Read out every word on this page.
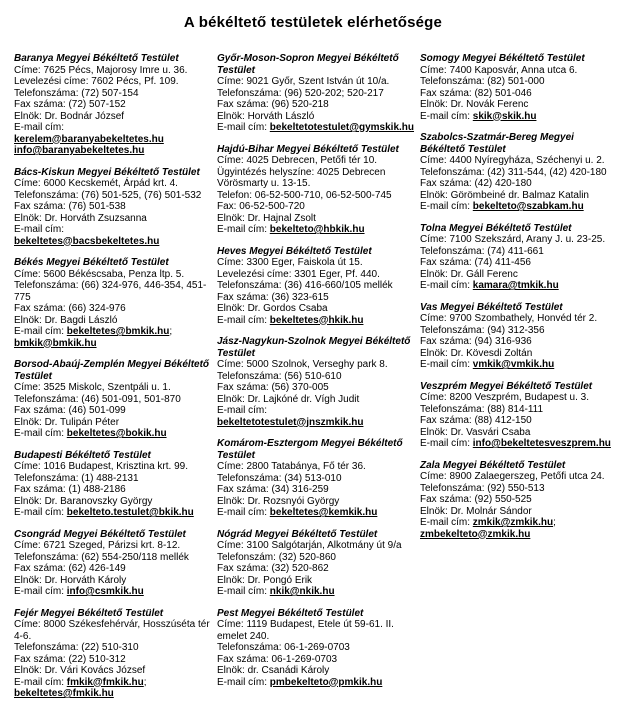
A békéltető testületek elérhetősége
Baranya Megyei Békéltető Testület
Címe: 7625 Pécs, Majorosy Imre u. 36.
Levelezési címe: 7602 Pécs, Pf. 109.
Telefonszáma: (72) 507-154
Fax száma: (72) 507-152
Elnök: Dr. Bodnár József
E-mail cím: kerelem@baranyabekeltetes.hu info@baranyabekeltetes.hu
Bács-Kiskun Megyei Békéltető Testület
Címe: 6000 Kecskemét, Árpád krt. 4.
Telefonszáma: (76) 501-525, (76) 501-532
Fax száma: (76) 501-538
Elnök: Dr. Horváth Zsuzsanna
E-mail cím: bekeltetes@bacsbekeltetes.hu
Békés Megyei Békéltető Testület
Címe: 5600 Békéscsaba, Penza ltp. 5.
Telefonszáma: (66) 324-976, 446-354, 451-775
Fax száma: (66) 324-976
Elnök: Dr. Bagdi László
E-mail cím: bekeltetes@bmkik.hu; bmkik@bmkik.hu
Borsod-Abaúj-Zemplén Megyei Békéltető Testület
Címe: 3525 Miskolc, Szentpáli u. 1.
Telefonszáma: (46) 501-091, 501-870
Fax száma: (46) 501-099
Elnök: Dr. Tulipán Péter
E-mail cím: bekeltetes@bokik.hu
Budapesti Békéltető Testület
Címe: 1016 Budapest, Krisztina krt. 99.
Telefonszáma: (1) 488-2131
Fax száma: (1) 488-2186
Elnök: Dr. Baranovszky György
E-mail cím: bekelteto.testulet@bkik.hu
Csongrád Megyei Békéltető Testület
Címe: 6721 Szeged, Párizsi krt. 8-12.
Telefonszáma: (62) 554-250/118 mellék
Fax száma: (62) 426-149
Elnök: Dr. Horváth Károly
E-mail cím: info@csmkik.hu
Fejér Megyei Békéltető Testület
Címe: 8000 Székesfehérvár, Hosszúséta tér 4-6.
Telefonszáma: (22) 510-310
Fax száma: (22) 510-312
Elnök: Dr. Vári Kovács József
E-mail cím: fmkik@fmkik.hu; bekeltetes@fmkik.hu
Győr-Moson-Sopron Megyei Békéltető Testület
Címe: 9021 Győr, Szent István út 10/a.
Telefonszáma: (96) 520-202; 520-217
Fax száma: (96) 520-218
Elnök: Horváth László
E-mail cím: bekeltetotestulet@gymskik.hu
Hajdú-Bihar Megyei Békéltető Testület
Címe: 4025 Debrecen, Petőfi tér 10.
Ügyintézés helyszíne: 4025 Debrecen Vörösmarty u. 13-15.
Telefon: 06-52-500-710, 06-52-500-745
Fax: 06-52-500-720
Elnök: Dr. Hajnal Zsolt
E-mail cím: bekelteto@hbkik.hu
Heves Megyei Békéltető Testület
Címe: 3300 Eger, Faiskola út 15.
Levelezési címe: 3301 Eger, Pf. 440.
Telefonszáma: (36) 416-660/105 mellék
Fax száma: (36) 323-615
Elnök: Dr. Gordos Csaba
E-mail cím: bekeltetes@hkik.hu
Jász-Nagykun-Szolnok Megyei Békéltető Testület
Címe: 5000 Szolnok, Verseghy park 8.
Telefonszáma: (56) 510-610
Fax száma: (56) 370-005
Elnök: Dr. Lajkóné dr. Vígh Judit
E-mail cím: bekeltetotestulet@jnszmkik.hu
Komárom-Esztergom Megyei Békéltető Testület
Címe: 2800 Tatabánya, Fő tér 36.
Telefonszáma: (34) 513-010
Fax száma: (34) 316-259
Elnök: Dr. Rozsnyói György
E-mail cím: bekeltetes@kemkik.hu
Nógrád Megyei Békéltető Testület
Címe: 3100 Salgótarján, Alkotmány út 9/a
Telefonszám: (32) 520-860
Fax száma: (32) 520-862
Elnök: Dr. Pongó Erik
E-mail cím: nkik@nkik.hu
Pest Megyei Békéltető Testület
Címe: 1119 Budapest, Etele út 59-61. II. emelet 240.
Telefonszáma: 06-1-269-0703
Fax száma: 06-1-269-0703
Elnök: dr. Csanádi Károly
E-mail cím: pmbekelteto@pmkik.hu
Somogy Megyei Békéltető Testület
Címe: 7400 Kaposvár, Anna utca 6.
Telefonszáma: (82) 501-000
Fax száma: (82) 501-046
Elnök: Dr. Novák Ferenc
E-mail cím: skik@skik.hu
Szabolcs-Szatmár-Bereg Megyei Békéltető Testület
Címe: 4400 Nyíregyháza, Széchenyi u. 2.
Telefonszáma: (42) 311-544, (42) 420-180
Fax száma: (42) 420-180
Elnök: Görömbeiné dr. Balmaz Katalin
E-mail cím: bekelteto@szabkam.hu
Tolna Megyei Békéltető Testület
Címe: 7100 Szekszárd, Arany J. u. 23-25.
Telefonszáma: (74) 411-661
Fax száma: (74) 411-456
Elnök: Dr. Gáll Ferenc
E-mail cím: kamara@tmkik.hu
Vas Megyei Békéltető Testület
Címe: 9700 Szombathely, Honvéd tér 2.
Telefonszáma: (94) 312-356
Fax száma: (94) 316-936
Elnök: Dr. Kövesdi Zoltán
E-mail cím: vmkik@vmkik.hu
Veszprém Megyei Békéltető Testület
Címe: 8200 Veszprém, Budapest u. 3.
Telefonszáma: (88) 814-111
Fax száma: (88) 412-150
Elnök: Dr. Vasvári Csaba
E-mail cím: info@bekeltetesveszprem.hu
Zala Megyei Békéltető Testület
Címe: 8900 Zalaegerszeg, Petőfi utca 24.
Telefonszáma: (92) 550-513
Fax száma: (92) 550-525
Elnök: Dr. Molnár Sándor
E-mail cím: zmkik@zmkik.hu; zmbekelteto@zmkik.hu
